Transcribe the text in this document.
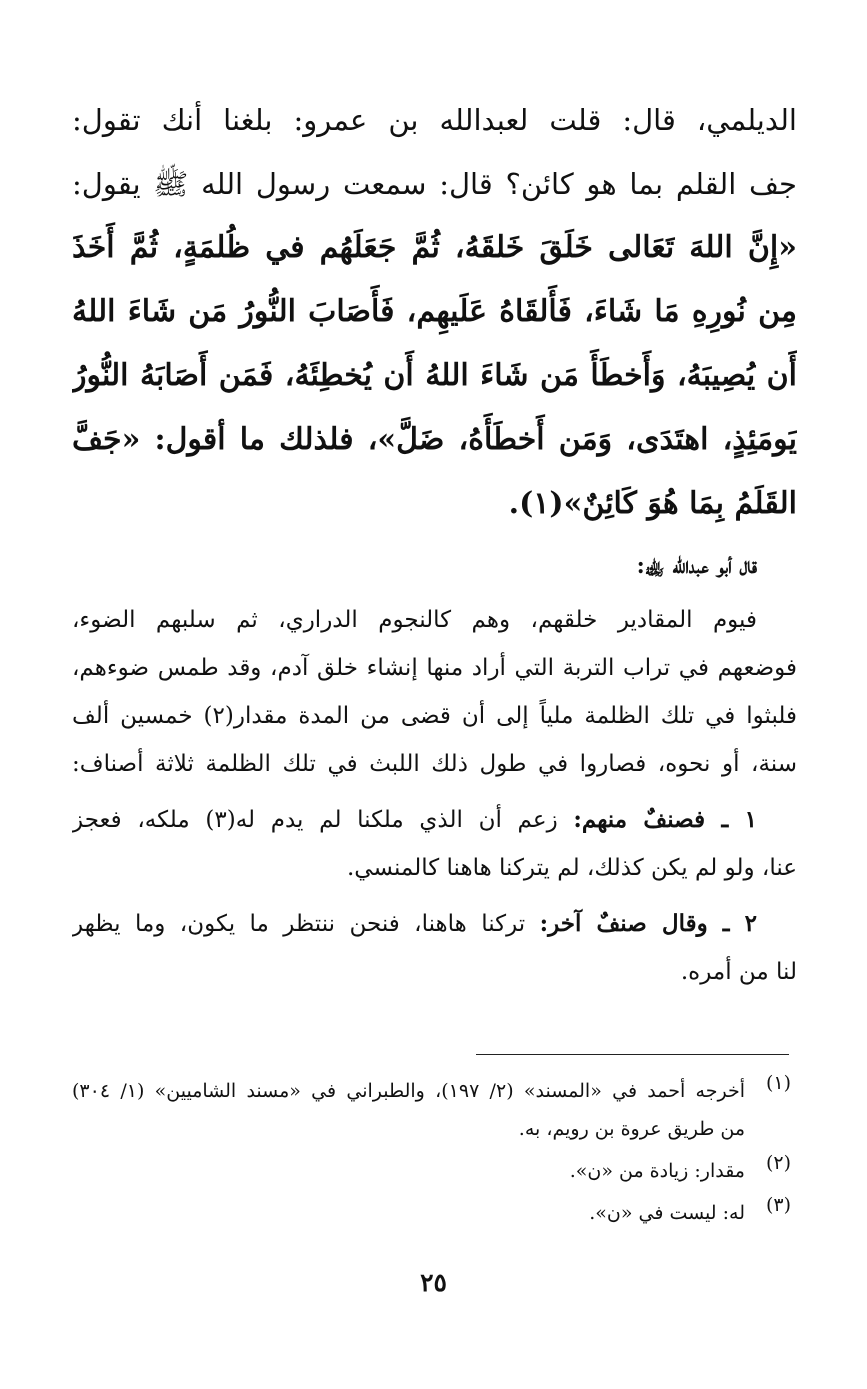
الديلمي، قال: قلت لعبدالله بن عمرو: بلغنا أنك تقول:
جف القلم بما هو كائن؟ قال: سمعت رسول الله ﷺ يقول:
«إِنَّ اللهَ تَعَالى خَلَقَ خَلقَهُ، ثُمَّ جَعَلَهُم في ظُلمَةٍ، ثُمَّ أَخَذَ
مِن نُورِهِ مَا شَاءَ، فَأَلقَاهُ عَلَيهِم، فَأَصَابَ النُّورُ مَن شَاءَ اللهُ
أَن يُصِيبَهُ، وَأَخطَأَ مَن شَاءَ اللهُ أَن يُخطِئَهُ، فَمَن أَصَابَهُ النُّورُ
يَومَئِذٍ، اهتَدَى، وَمَن أَخطَأَهُ، ضَلَّ»، فلذلك ما أقول: «جَفَّ
القَلَمُ بِمَا هُوَ كَائِنٌ»(١).
قال أبو عبدالله ﵀:
فيوم المقادير خلقهم، وهم كالنجوم الدراري، ثم سلبهم الضوء،
فوضعهم في تراب التربة التي أراد منها إنشاء خلق آدم، وقد طمس ضوءهم،
فلبثوا في تلك الظلمة ملياً إلى أن قضى من المدة مقدار(٢) خمسين ألف
سنة، أو نحوه، فصاروا في طول ذلك اللبث في تلك الظلمة ثلاثة أصناف:
١ ـ فصنفٌ منهم: زعم أن الذي ملكنا لم يدم له(٣) ملكه، فعجز
عنا، ولو لم يكن كذلك، لم يتركنا هاهنا كالمنسي.
٢ ـ وقال صنفٌ آخر: تركنا هاهنا، فنحن ننتظر ما يكون، وما يظهر
لنا من أمره.
(١)
أخرجه أحمد في «المسند» (٢/ ١٩٧)، والطبراني في «مسند الشاميين» (١/ ٣٠٤)
من طريق عروة بن رويم، به.
(٢)
مقدار: زيادة من «ن».
(٣)
له: ليست في «ن».
٢٥
